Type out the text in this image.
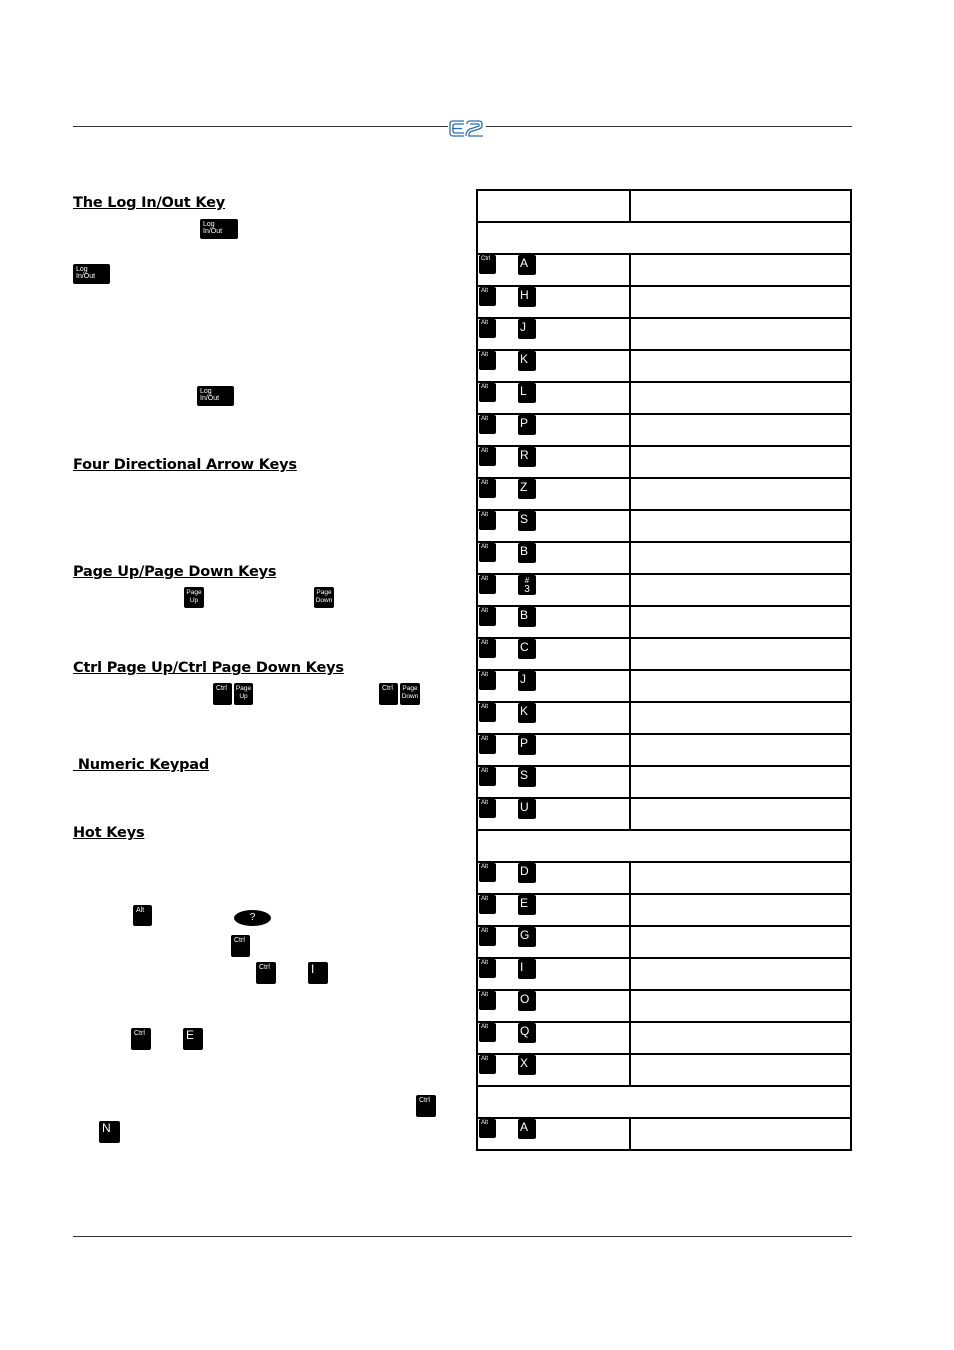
The Log In/Out Key
Log In/Out
Log In/Out
Log In/Out
Four Directional Arrow Keys
Page Up/Page Down Keys
Page
Up
Page
Down
Ctrl Page Up/Ctrl Page Down Keys
Ctrl	Page
Up
Ctrl	Page
Down
Numeric Keypad
Hot Keys
Alt
?
Ctrl
Ctrl	I
Ctrl	E
Ctrl
N

Ctrl A	

Alt H	

Alt J	

Alt K	

Alt L	

Alt P	

Alt R	

Alt Z	

Alt S	

Alt B	

Alt #
3	

Alt B	

Alt C	

Alt J	

Alt K	

Alt P	

Alt S	

Alt U	

Alt D	

Alt E	

Alt G	

Alt I	

Alt O	

Alt Q	

Alt X	

Alt A	
